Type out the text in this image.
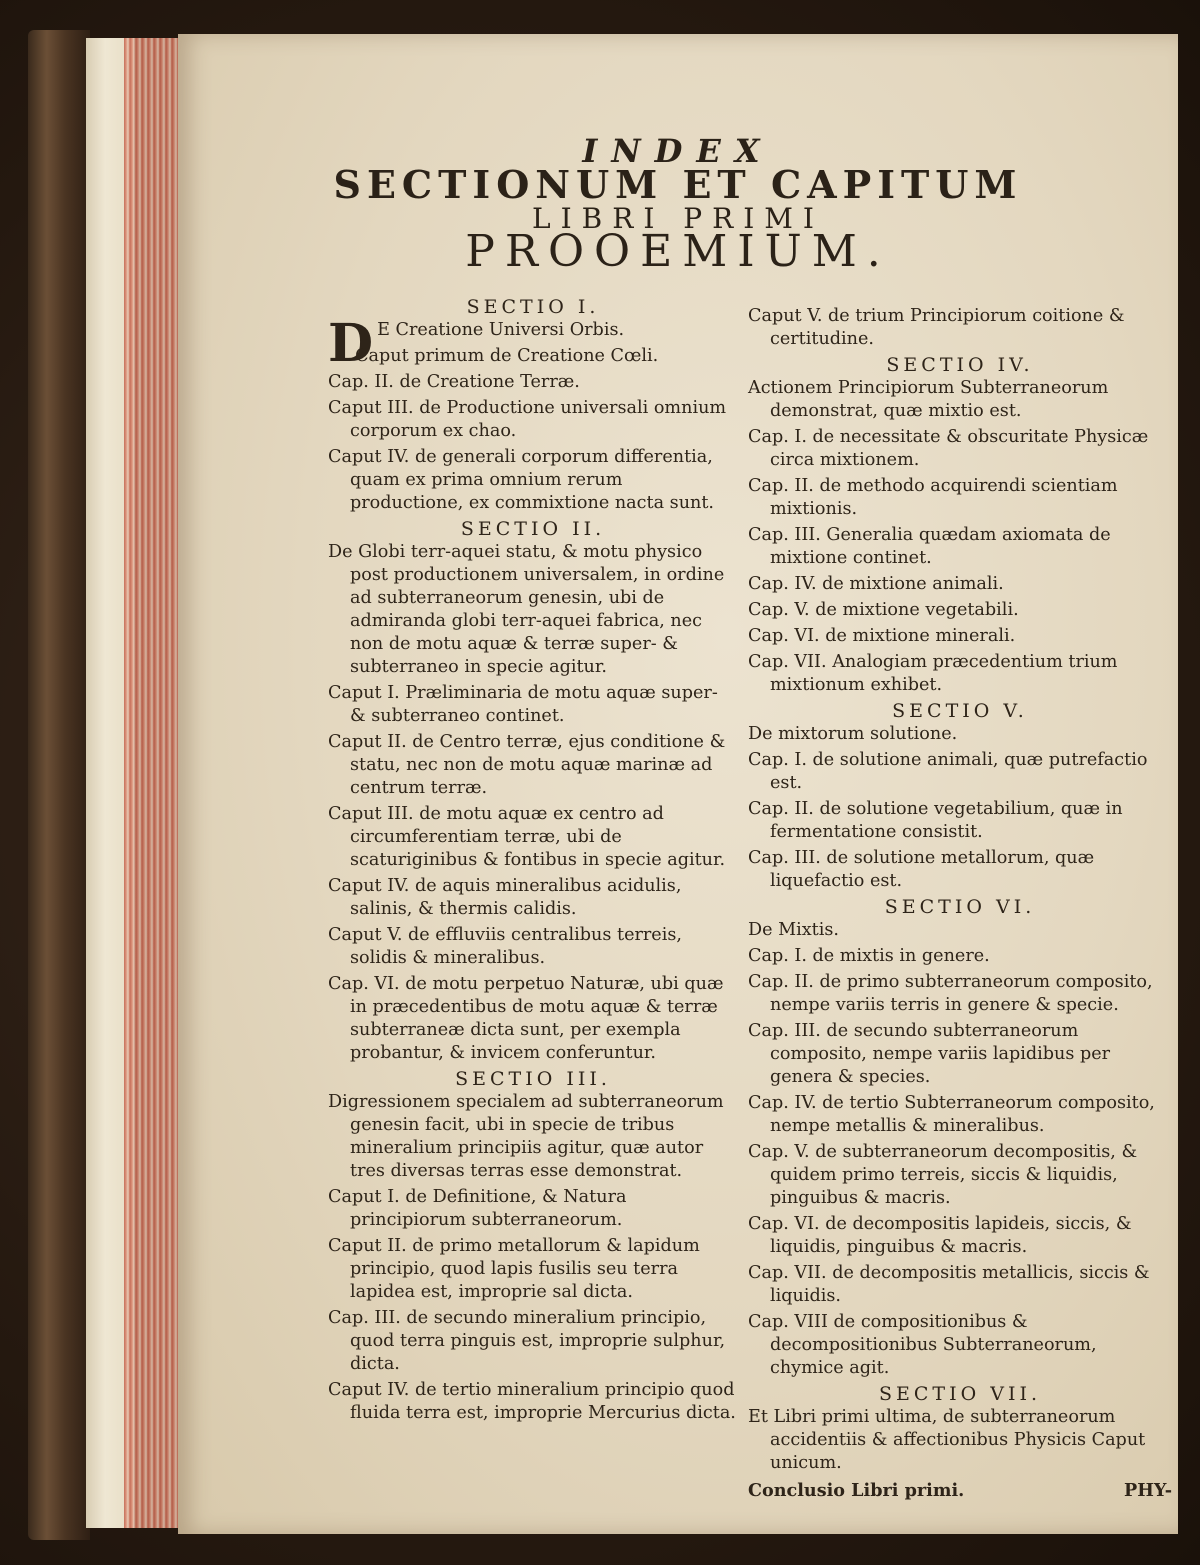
INDEX
SECTIONUM ET CAPITUM
LIBRI PRIMI
PROOEMIUM.

SECTIO I.

D E Creatione Universi Orbis.

Caput primum de Creatione Cœli.

Cap. II. de Creatione Terræ.

Caput III. de Productione universali omnium corporum ex chao.

Caput IV. de generali corporum differentia, quam ex prima omnium rerum productione, ex commixtione nacta sunt.

SECTIO II.

De Globi terr-aquei statu, & motu physico post productionem universalem, in ordine ad subterraneorum genesin, ubi de admiranda globi terr-aquei fabrica, nec non de motu aquæ & terræ super- & subterraneo in specie agitur.

Caput I. Præliminaria de motu aquæ super- & subterraneo continet.

Caput II. de Centro terræ, ejus conditione & statu, nec non de motu aquæ marinæ ad centrum terræ.

Caput III. de motu aquæ ex centro ad circumferentiam terræ, ubi de scaturiginibus & fontibus in specie agitur.

Caput IV. de aquis mineralibus acidulis, salinis, & thermis calidis.

Caput V. de effluviis centralibus terreis, solidis & mineralibus.

Cap. VI. de motu perpetuo Naturæ, ubi quæ in præcedentibus de motu aquæ & terræ subterraneæ dicta sunt, per exempla probantur, & invicem conferuntur.

SECTIO III.

Digressionem specialem ad subterraneorum genesin facit, ubi in specie de tribus mineralium principiis agitur, quæ autor tres diversas terras esse demonstrat.

Caput I. de Definitione, & Natura principiorum subterraneorum.

Caput II. de primo metallorum & lapidum principio, quod lapis fusilis seu terra lapidea est, improprie sal dicta.

Cap. III. de secundo mineralium principio, quod terra pinguis est, improprie sulphur, dicta.

Caput IV. de tertio mineralium principio quod fluida terra est, improprie Mercurius dicta.

Caput V. de trium Principiorum coitione & certitudine.

SECTIO IV.

Actionem Principiorum Subterraneorum demonstrat, quæ mixtio est.

Cap. I. de necessitate & obscuritate Physicæ circa mixtionem.

Cap. II. de methodo acquirendi scientiam mixtionis.

Cap. III. Generalia quædam axiomata de mixtione continet.

Cap. IV. de mixtione animali.

Cap. V. de mixtione vegetabili.

Cap. VI. de mixtione minerali.

Cap. VII. Analogiam præcedentium trium mixtionum exhibet.

SECTIO V.

De mixtorum solutione.

Cap. I. de solutione animali, quæ putrefactio est.

Cap. II. de solutione vegetabilium, quæ in fermentatione consistit.

Cap. III. de solutione metallorum, quæ liquefactio est.

SECTIO VI.

De Mixtis.

Cap. I. de mixtis in genere.

Cap. II. de primo subterraneorum composito, nempe variis terris in genere & specie.

Cap. III. de secundo subterraneorum composito, nempe variis lapidibus per genera & species.

Cap. IV. de tertio Subterraneorum composito, nempe metallis & mineralibus.

Cap. V. de subterraneorum decompositis, & quidem primo terreis, siccis & liquidis, pinguibus & macris.

Cap. VI. de decompositis lapideis, siccis, & liquidis, pinguibus & macris.

Cap. VII. de decompositis metallicis, siccis & liquidis.

Cap. VIII de compositionibus & decompositionibus Subterraneorum, chymice agit.

SECTIO VII.

Et Libri primi ultima, de subterraneorum accidentiis & affectionibus Physicis Caput unicum.

Conclusio Libri primi.	PHY-
